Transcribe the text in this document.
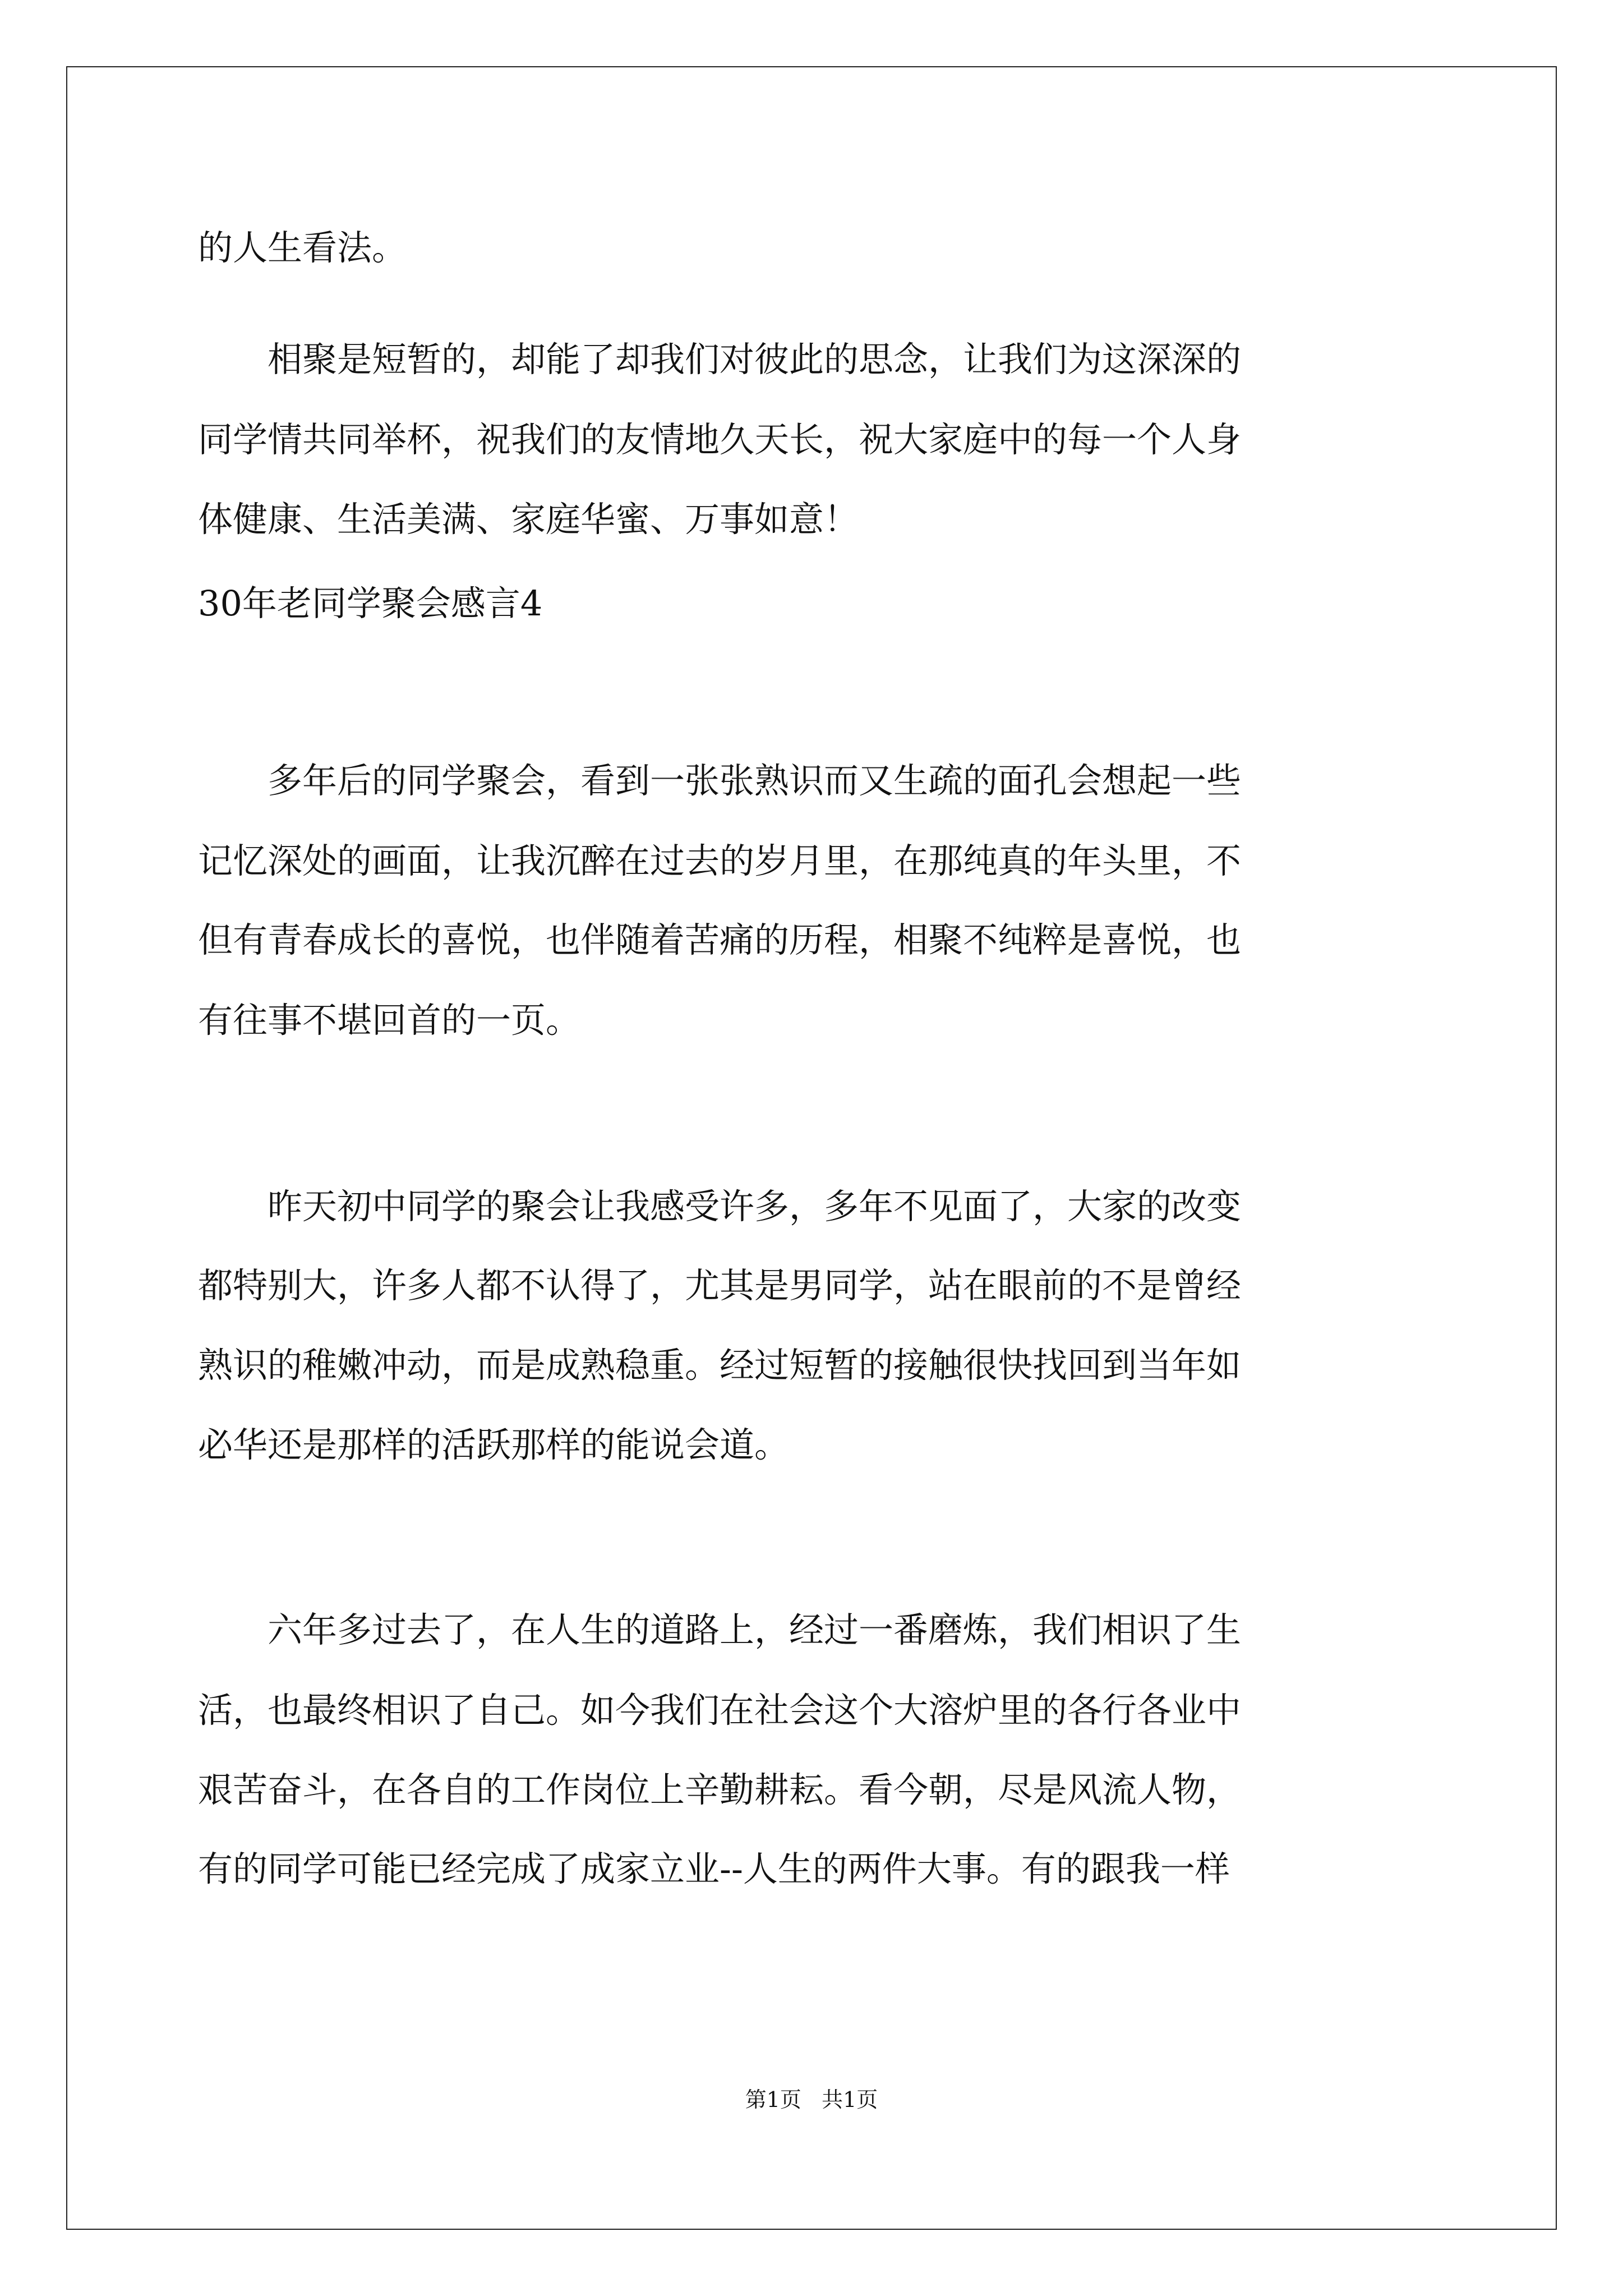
的人生看法。
　　相聚是短暂的，却能了却我们对彼此的思念，让我们为这深深的
同学情共同举杯，祝我们的友情地久天长，祝大家庭中的每一个人身
体健康、生活美满、家庭华蜜、万事如意！
30年老同学聚会感言4
　　多年后的同学聚会，看到一张张熟识而又生疏的面孔会想起一些
记忆深处的画面，让我沉醉在过去的岁月里，在那纯真的年头里，不
但有青春成长的喜悦，也伴随着苦痛的历程，相聚不纯粹是喜悦，也
有往事不堪回首的一页。
　　昨天初中同学的聚会让我感受许多，多年不见面了，大家的改变
都特别大，许多人都不认得了，尤其是男同学，站在眼前的不是曾经
熟识的稚嫩冲动，而是成熟稳重。经过短暂的接触很快找回到当年如
必华还是那样的活跃那样的能说会道。
　　六年多过去了，在人生的道路上，经过一番磨炼，我们相识了生
活，也最终相识了自己。如今我们在社会这个大溶炉里的各行各业中
艰苦奋斗，在各自的工作岗位上辛勤耕耘。看今朝，尽是风流人物，
有的同学可能已经完成了成家立业--人生的两件大事。有的跟我一样
第1页   共1页
